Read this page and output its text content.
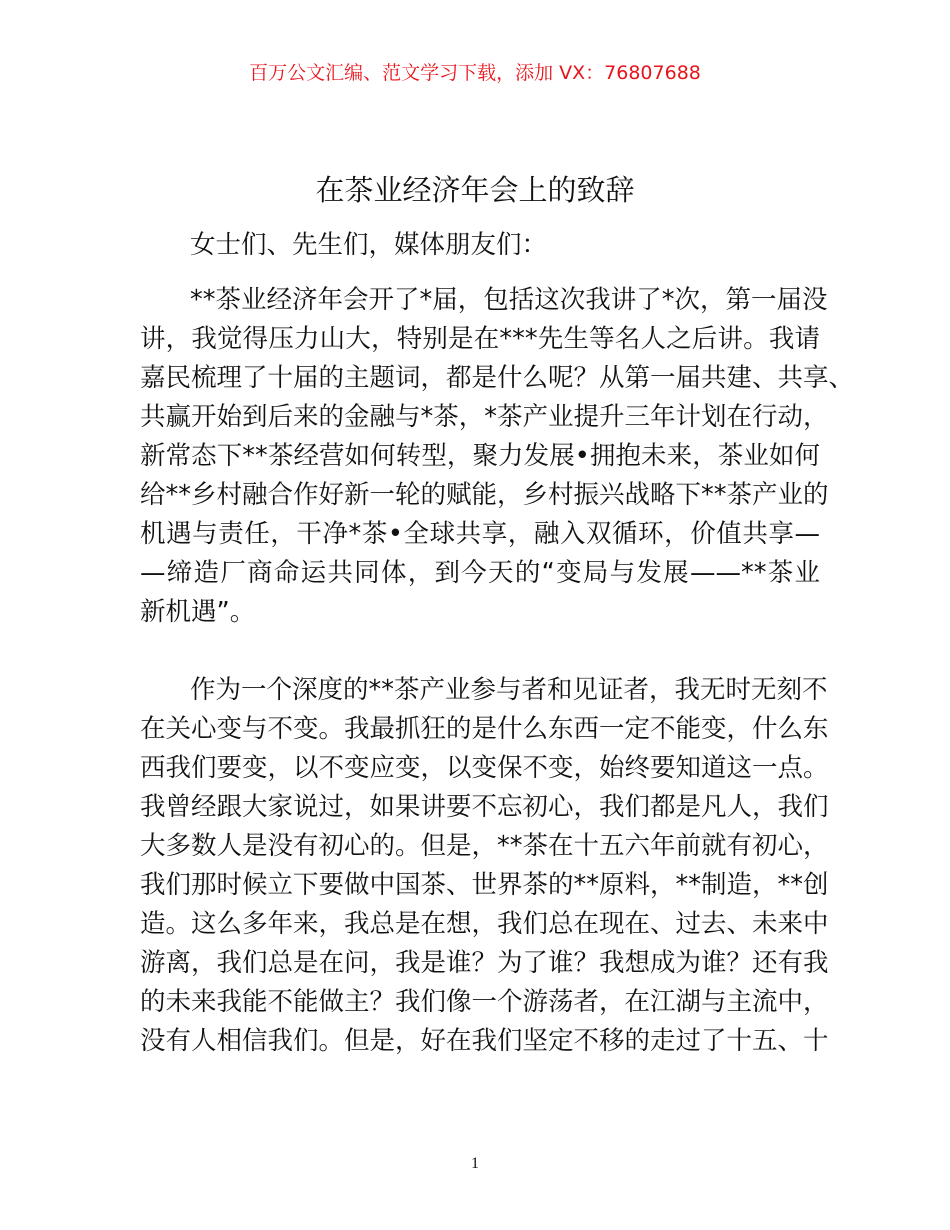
百万公文汇编、范文学习下载，添加 VX：76807688
在茶业经济年会上的致辞
女士们、先生们，媒体朋友们：
**茶业经济年会开了*届，包括这次我讲了*次，第一届没
讲，我觉得压力山大，特别是在***先生等名人之后讲。我请
嘉民梳理了十届的主题词，都是什么呢？从第一届共建、共享、
共赢开始到后来的金融与*茶，*茶产业提升三年计划在行动，
新常态下**茶经营如何转型，聚力发展•拥抱未来，茶业如何
给**乡村融合作好新一轮的赋能，乡村振兴战略下**茶产业的
机遇与责任，干净*茶•全球共享，融入双循环，价值共享—
—缔造厂商命运共同体，到今天的“变局与发展——**茶业
新机遇”。
作为一个深度的**茶产业参与者和见证者，我无时无刻不
在关心变与不变。我最抓狂的是什么东西一定不能变，什么东
西我们要变，以不变应变，以变保不变，始终要知道这一点。
我曾经跟大家说过，如果讲要不忘初心，我们都是凡人，我们
大多数人是没有初心的。但是，**茶在十五六年前就有初心，
我们那时候立下要做中国茶、世界茶的**原料，**制造，**创
造。这么多年来，我总是在想，我们总在现在、过去、未来中
游离，我们总是在问，我是谁？为了谁？我想成为谁？还有我
的未来我能不能做主？我们像一个游荡者，在江湖与主流中，
没有人相信我们。但是，好在我们坚定不移的走过了十五、十
1
